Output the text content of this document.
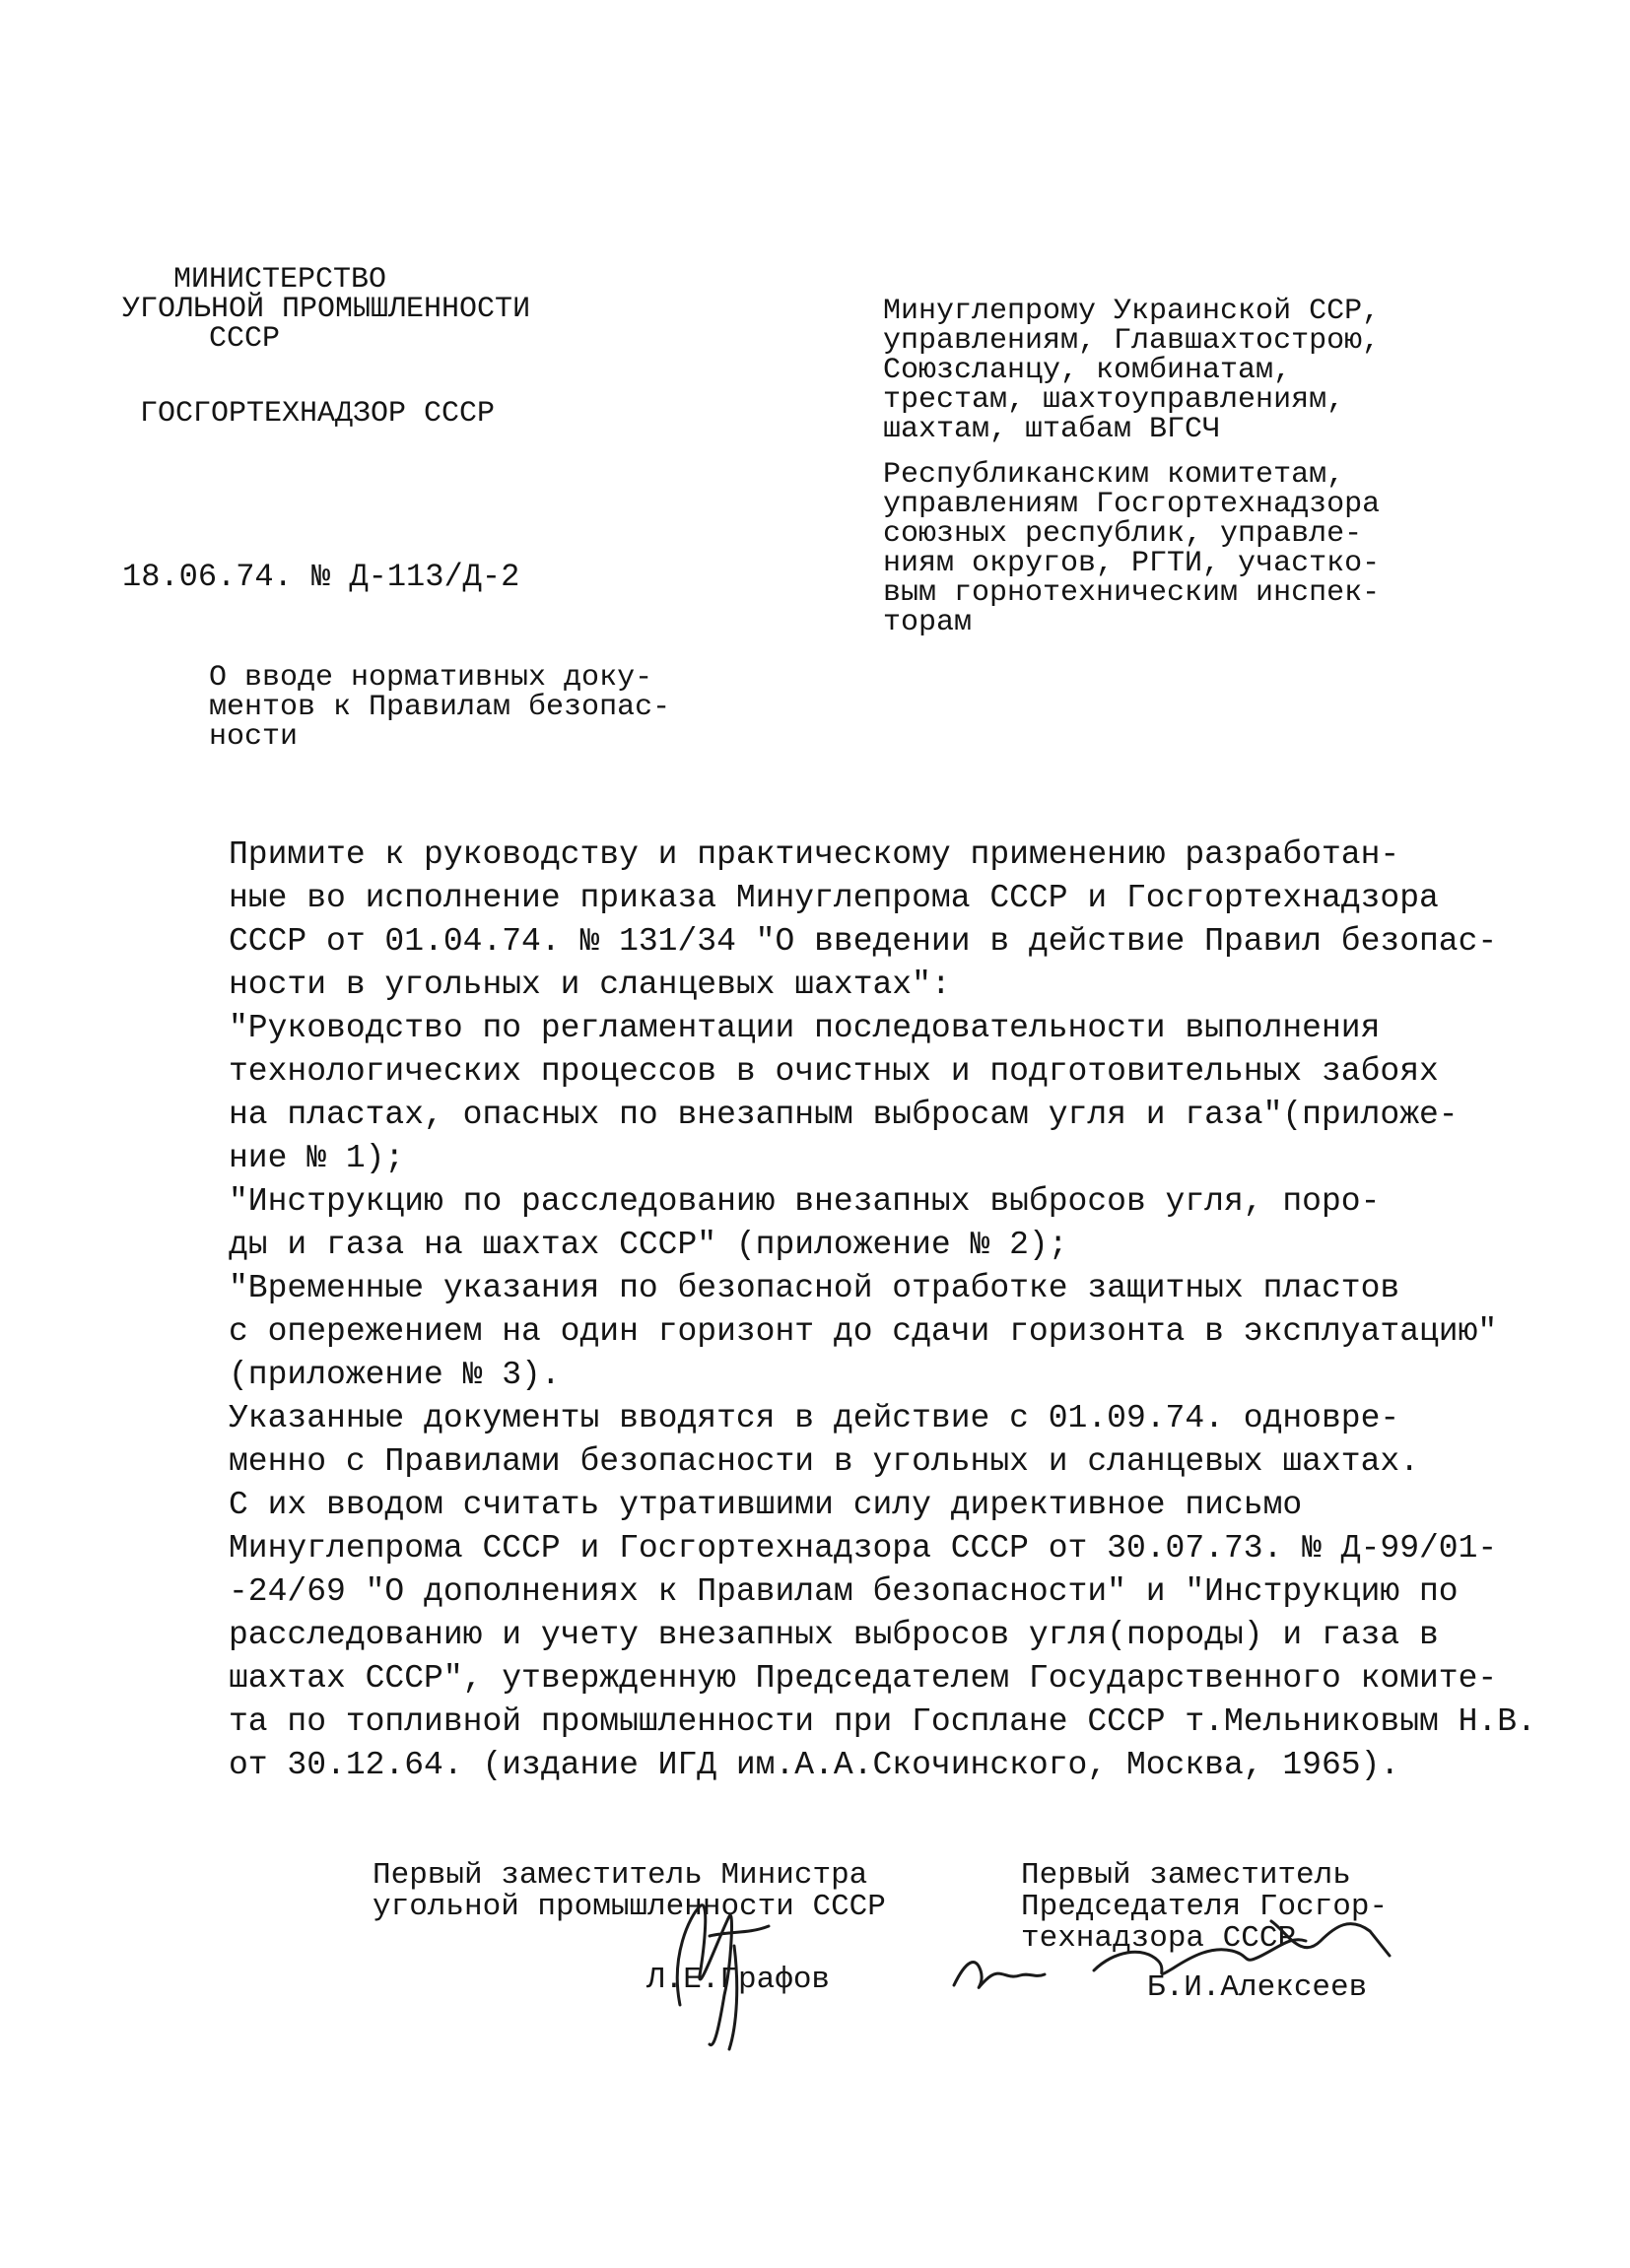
МИНИСТЕРСТВО
УГОЛЬНОЙ ПРОМЫШЛЕННОСТИ
СССР
ГОСГОРТЕХНАДЗОР СССР
18.06.74. № Д-113/Д-2
Минуглепрому Украинской ССР,
управлениям, Главшахтострою,
Союзсланцу, комбинатам,
трестам, шахтоуправлениям,
шахтам, штабам ВГСЧ
Республиканским комитетам,
управлениям Госгортехнадзора
союзных республик, управле-
ниям округов, РГТИ, участко-
вым горнотехническим инспек-
торам
О вводе нормативных доку-
ментов к Правилам безопас-
ности
Примите к руководству и практическому применению разработан-
ные во исполнение приказа Минуглепрома СССР и Госгортехнадзора
СССР от 01.04.74. № 131/34 "О введении в действие Правил безопас-
ности в угольных и сланцевых шахтах":
"Руководство по регламентации последовательности выполнения
технологических процессов в очистных и подготовительных забоях
на пластах, опасных по внезапным выбросам угля и газа"(приложе-
ние № 1);
"Инструкцию по расследованию внезапных выбросов угля, поро-
ды и газа на шахтах СССР" (приложение № 2);
"Временные указания по безопасной отработке защитных пластов
с опережением на один горизонт до сдачи горизонта в эксплуатацию"
(приложение № 3).
Указанные документы вводятся в действие с 01.09.74. одновре-
менно с Правилами безопасности в угольных и сланцевых шахтах.
С их вводом считать утратившими силу директивное письмо
Минуглепрома СССР и Госгортехнадзора СССР от 30.07.73. № Д-99/01-
-24/69 "О дополнениях к Правилам безопасности" и "Инструкцию по
расследованию и учету внезапных выбросов угля(породы) и газа в
шахтах СССР", утвержденную Председателем Государственного комите-
та по топливной промышленности при Госплане СССР т.Мельниковым Н.В.
от 30.12.64. (издание ИГД им.А.А.Скочинского, Москва, 1965).
Первый заместитель Министра
угольной промышленности СССР
Л.Е.Графов
Первый заместитель
Председателя Госгор-
технадзора СССР
Б.И.Алексеев
